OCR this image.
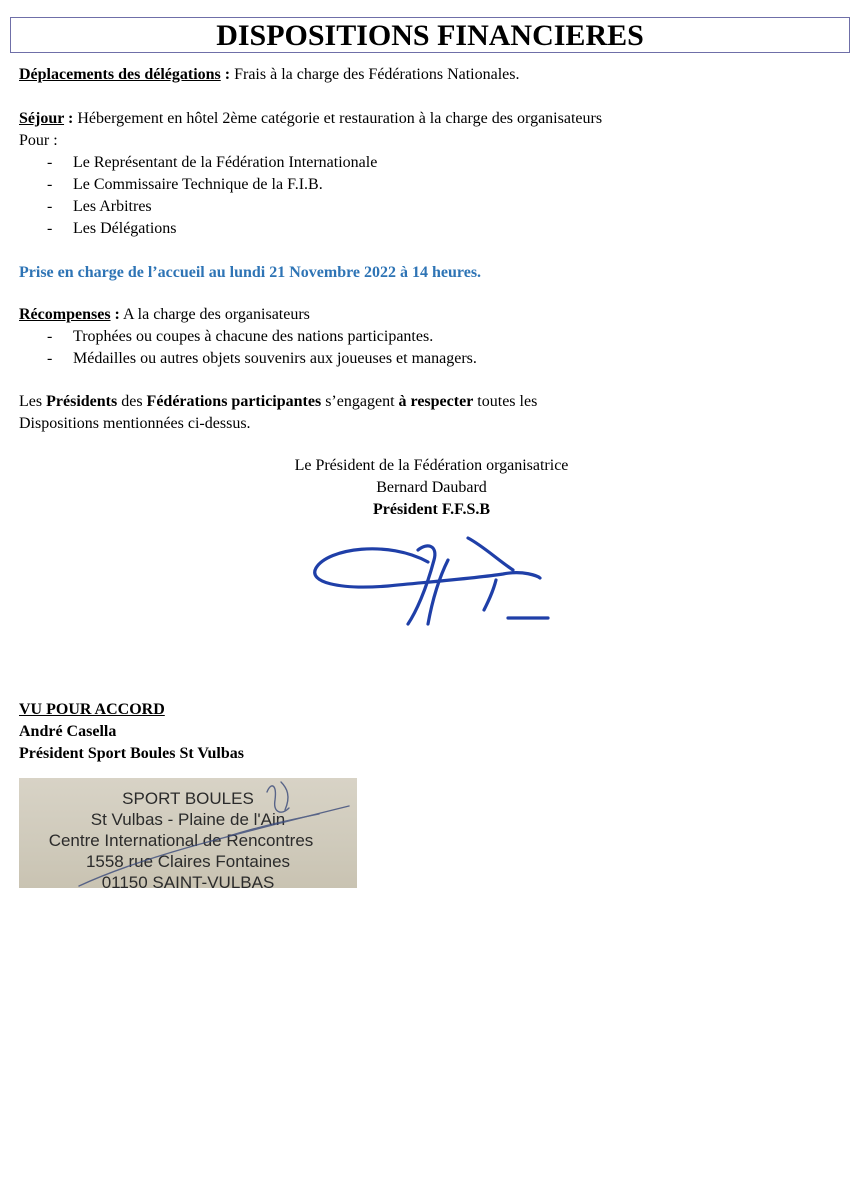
DISPOSITIONS FINANCIERES
Déplacements des délégations : Frais à la charge des Fédérations Nationales.
Séjour : Hébergement en hôtel 2ème catégorie et restauration à la charge des organisateurs
Pour :
- Le Représentant de la Fédération Internationale
- Le Commissaire Technique de la F.I.B.
- Les Arbitres
- Les Délégations
Prise en charge de l’accueil au lundi 21 Novembre 2022 à 14 heures.
Récompenses : A la charge des organisateurs
- Trophées ou coupes à chacune des nations participantes.
- Médailles ou autres objets souvenirs aux joueuses et managers.
Les Présidents des Fédérations participantes s’engagent à respecter toutes les
Dispositions mentionnées ci-dessus.
Le Président de la Fédération organisatrice
Bernard Daubard
Président F.F.S.B
VU POUR ACCORD
André Casella
Président Sport Boules St Vulbas
SPORT BOULES
St Vulbas - Plaine de l'Ain
Centre International de Rencontres
1558 rue Claires Fontaines
01150 SAINT-VULBAS
